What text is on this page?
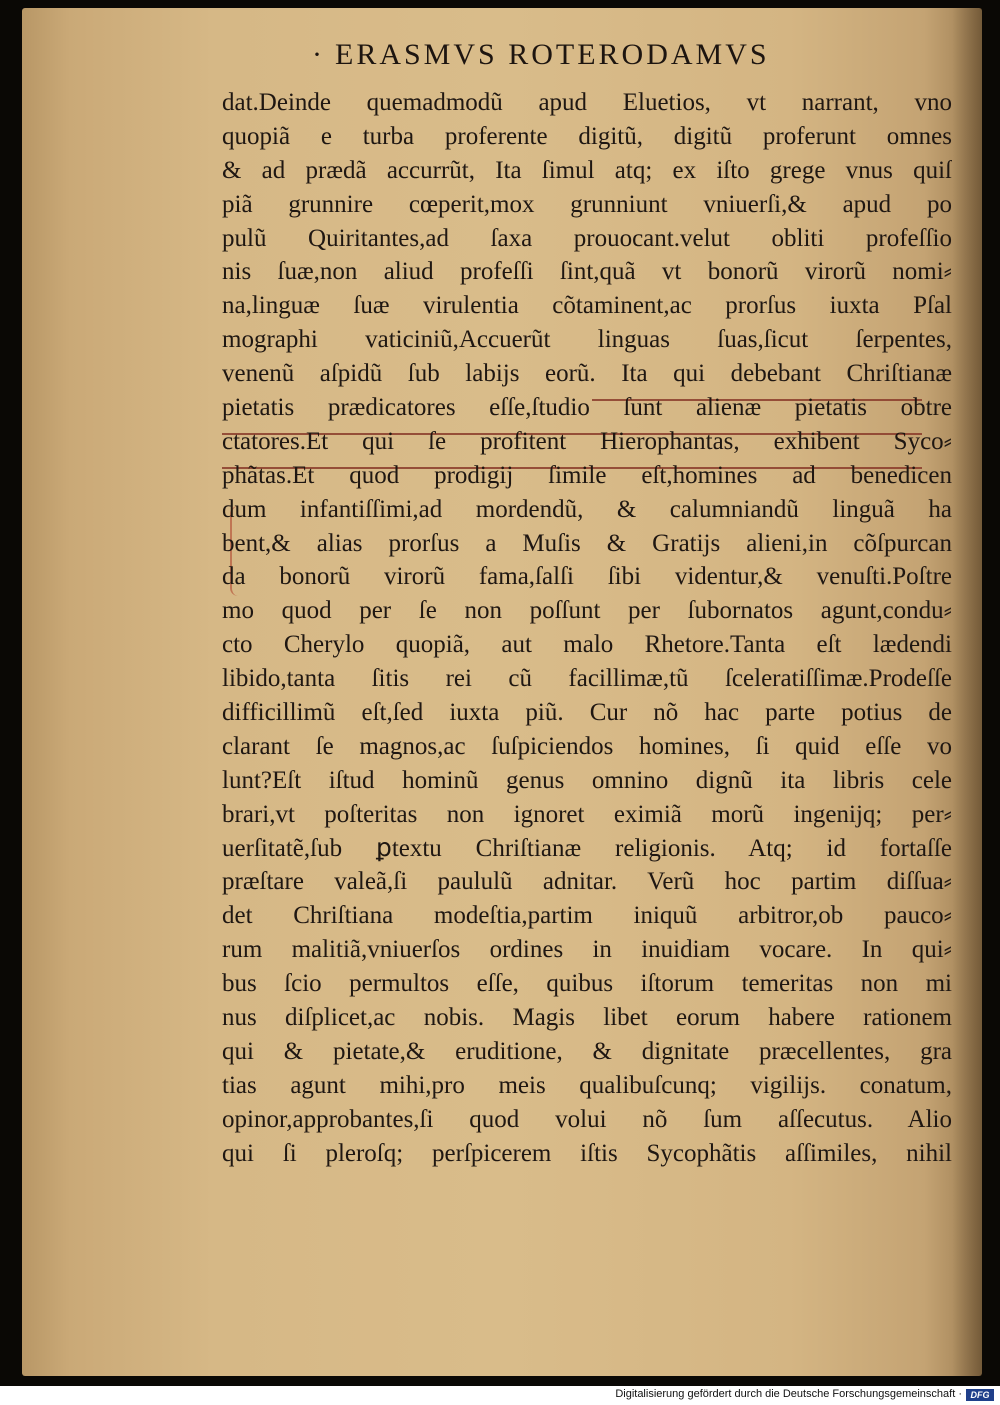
· ERASMVS ROTERODAMVS
dat.Deinde quemadmodũ apud Eluetios, vt narrant, vno
quopiã e turba proferente digitũ, digitũ proferunt omnes
& ad prædã accurrũt, Ita ſimul atq; ex iſto grege vnus quiſ
piã grunnire cœperit,mox grunniunt vniuerſi,& apud po
pulũ Quiritantes,ad ſaxa prouocant.velut obliti profeſſio
nis ſuæ,non aliud profeſſi ſint,quã vt bonorũ virorũ nomi⸗
na,linguæ ſuæ virulentia cõtaminent,ac prorſus iuxta Pſal
mographi vaticiniũ,Accuerũt linguas ſuas,ſicut ſerpentes,
venenũ aſpidũ ſub labijs eorũ. Ita qui debebant Chriſtianæ
pietatis prædicatores eſſe,ſtudio ſunt alienæ pietatis obtre
ctatores.Et qui ſe profitent Hierophantas, exhibent Syco⸗
phãtas.Et quod prodigij ſimile eſt,homines ad benedicen
dum infantiſſimi,ad mordendũ, & calumniandũ linguã ha
bent,& alias prorſus a Muſis & Gratijs alieni,in cõſpurcan
da bonorũ virorũ fama,ſalſi ſibi videntur,& venuſti.Poſtre
mo quod per ſe non poſſunt per ſubornatos agunt,condu⸗
cto Cherylo quopiã, aut malo Rhetore.Tanta eſt lædendi
libido,tanta ſitis rei cũ facillimæ,tũ ſceleratiſſimæ.Prodeſſe
difficillimũ eſt,ſed iuxta piũ. Cur nõ hac parte potius de
clarant ſe magnos,ac ſuſpiciendos homines, ſi quid eſſe vo
lunt?Eſt iſtud hominũ genus omnino dignũ ita libris cele
brari,vt poſteritas non ignoret eximiã morũ ingenijq; per⸗
uerſitatẽ,ſub ꝑtextu Chriſtianæ religionis. Atq; id fortaſſe
præſtare valeã,ſi paululũ adnitar. Verũ hoc partim diſſua⸗
det Chriſtiana modeſtia,partim iniquũ arbitror,ob pauco⸗
rum malitiã,vniuerſos ordines in inuidiam vocare. In qui⸗
bus ſcio permultos eſſe, quibus iſtorum temeritas non mi
nus diſplicet,ac nobis. Magis libet eorum habere rationem
qui & pietate,& eruditione, & dignitate præcellentes, gra
tias agunt mihi,pro meis qualibuſcunq; vigilijs. conatum,
opinor,approbantes,ſi quod volui nõ ſum aſſecutus. Alio
qui ſi pleroſq; perſpicerem iſtis Sycophãtis aſſimiles, nihil
Digitalisierung gefördert durch die Deutsche Forschungsgemeinschaft · DFG
